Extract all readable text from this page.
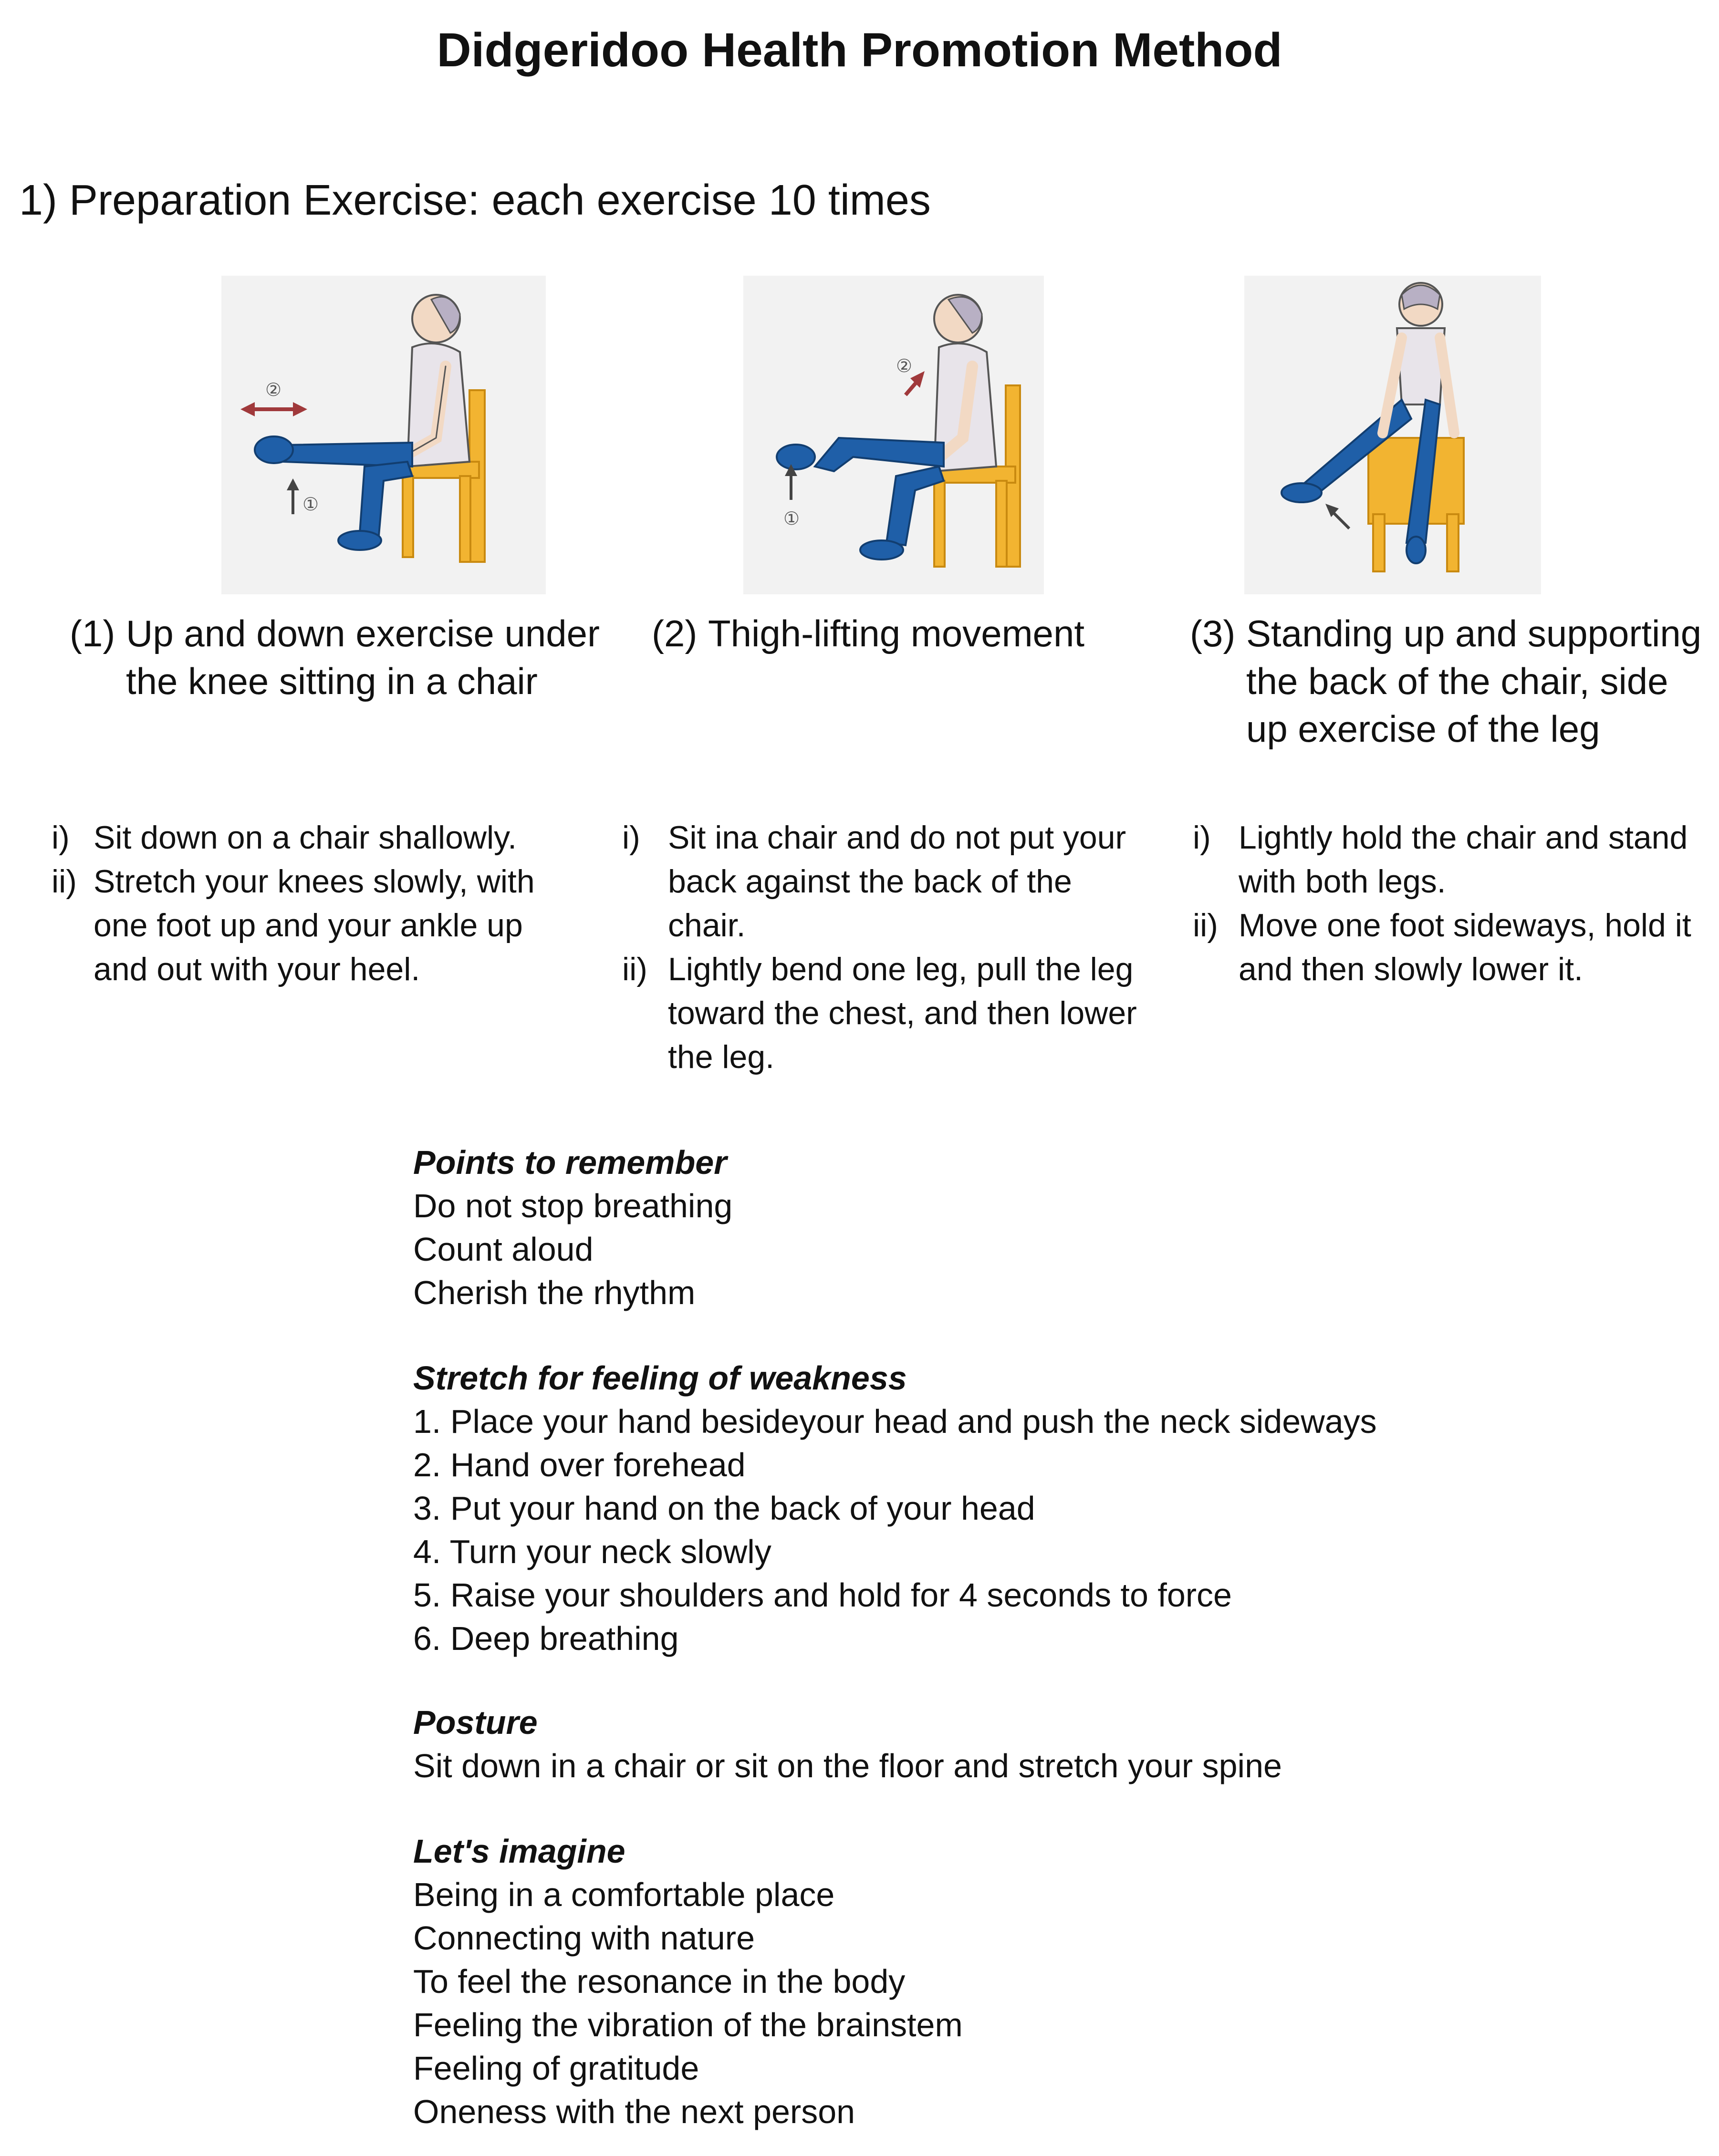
Didgeridoo Health Promotion Method
1) Preparation Exercise: each exercise 10 times
②
①
②
①
(1) Up and down exercise under the knee sitting in a chair
(2) Thigh-lifting movement	(3) Standing up and supporting the back of the chair, side up exercise of the leg
i) Sit down on a chair shallowly.
ii) Stretch your knees slowly, with one foot up and your ankle up and out with your heel.
i) Sit ina chair and do not put your back against the back of the chair.
ii) Lightly bend one leg, pull the leg toward the chest, and then lower the leg.
i) Lightly hold the chair and stand with both legs.
ii) Move one foot sideways, hold it and then slowly lower it.
Points to remember
Do not stop breathing
Count aloud
Cherish the rhythm
Stretch for feeling of weakness
1. Place your hand besideyour head and push the neck sideways
2. Hand over forehead
3. Put your hand on the back of your head
4. Turn your neck slowly
5. Raise your shoulders and hold for 4 seconds to force
6. Deep breathing
Posture
Sit down in a chair or sit on the floor and stretch your spine
Let's imagine
Being in a comfortable place
Connecting with nature
To feel the resonance in the body
Feeling the vibration of the brainstem
Feeling of gratitude
Oneness with the next person
